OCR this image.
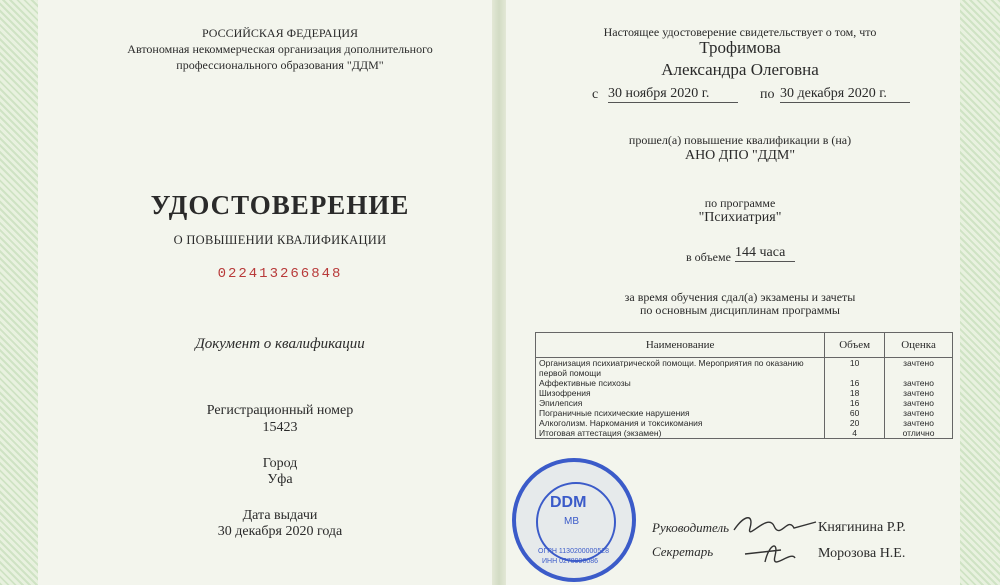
РОССИЙСКАЯ ФЕДЕРАЦИЯ
Автономная некоммерческая организация дополнительного
профессионального образования "ДДМ"
УДОСТОВЕРЕНИЕ
О ПОВЫШЕНИИ КВАЛИФИКАЦИИ
022413266848
Документ о квалификации
Регистрационный номер
15423
Город
Уфа
Дата выдачи
30 декабря 2020 года
Настоящее удостоверение свидетельствует о том, что
Трофимова
Александра Олеговна
с 30 ноября 2020 г.	по 30 декабря 2020 г.
прошел(а) повышение квалификации в (на)
АНО ДПО "ДДМ"
по программе
"Психиатрия"
в объеме 144 часа
за время обучения сдал(а) экзамены и зачеты
по основным дисциплинам программы
Наименование	Объем	Оценка
Организация психиатрической помощи. Мероприятия по оказанию первой помощи	10	зачтено
Аффективные психозы	16	зачтено
Шизофрения	18	зачтено
Эпилепсия	16	зачтено
Пограничные психические нарушения	60	зачтено
Алкоголизм. Наркомания и токсикомания	20	зачтено
Итоговая аттестация (экзамен)	4	отлично
DDM
МВ
ОГРН 1130200000528
ИНН 0278990086
Руководитель	Княгинина Р.Р.
Секретарь	Морозова Н.Е.
